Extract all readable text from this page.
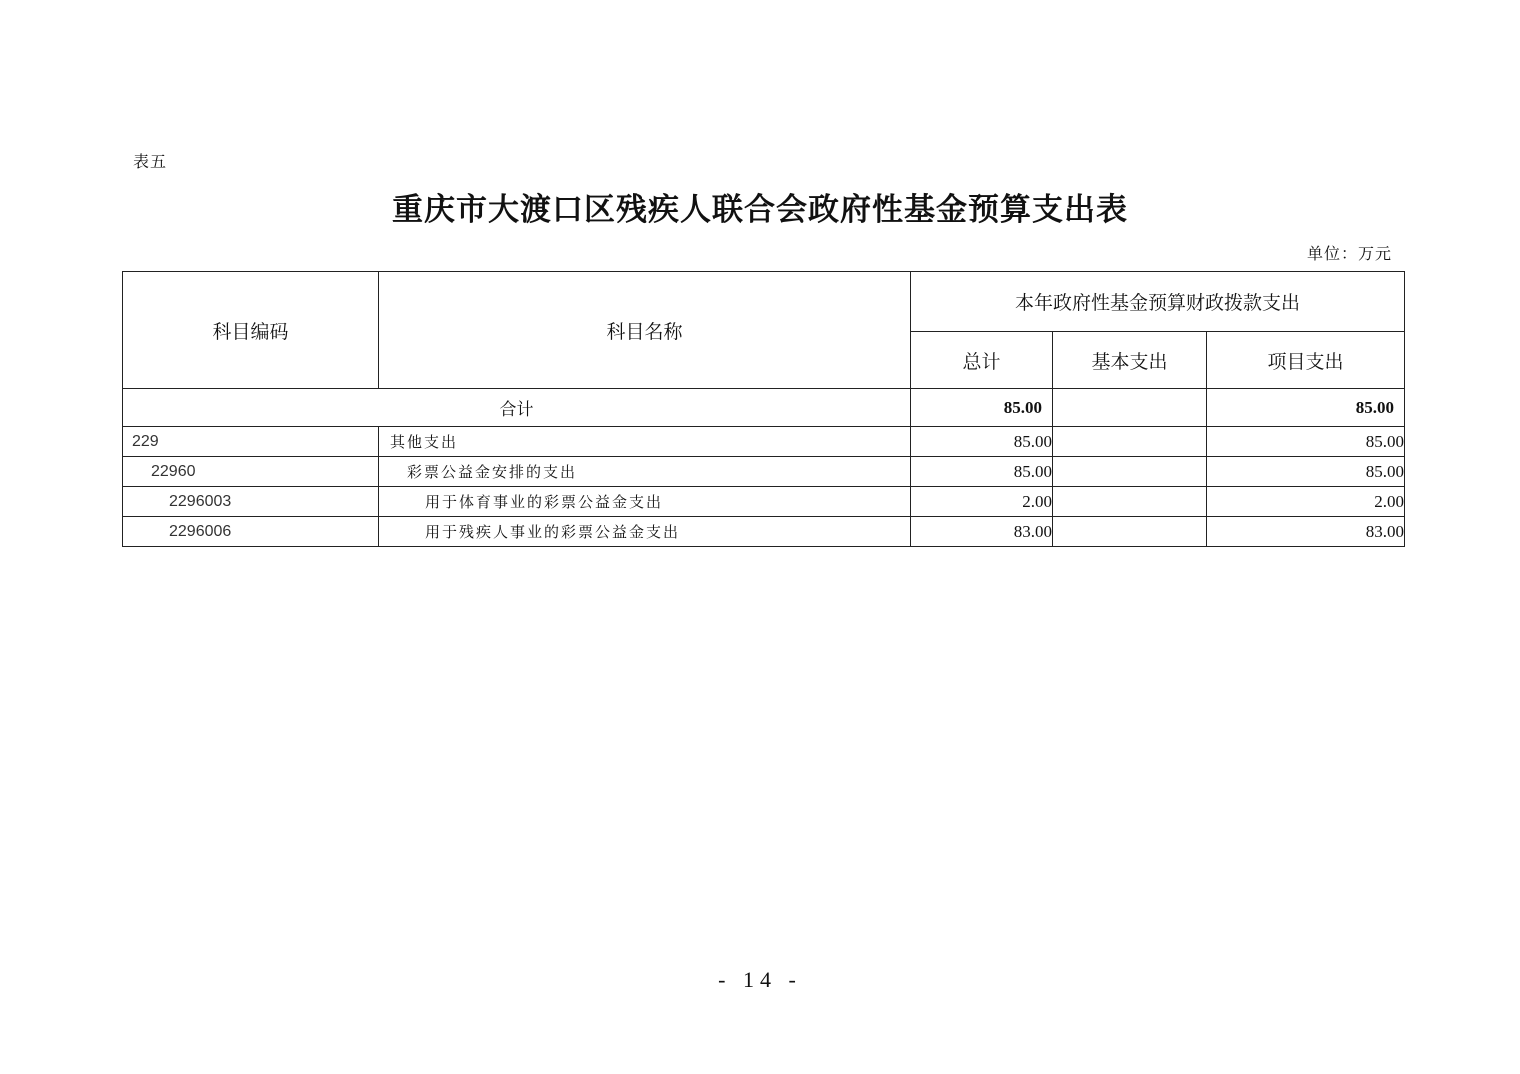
表五
重庆市大渡口区残疾人联合会政府性基金预算支出表
单位：万元
科目编码	科目名称	本年政府性基金预算财政拨款支出		
		总计	基本支出	项目支出
合计		85.00		85.00
229	其他支出	85.00		85.00
22960	彩票公益金安排的支出	85.00		85.00
2296003	用于体育事业的彩票公益金支出	2.00		2.00
2296006	用于残疾人事业的彩票公益金支出	83.00		83.00
- 14 -
